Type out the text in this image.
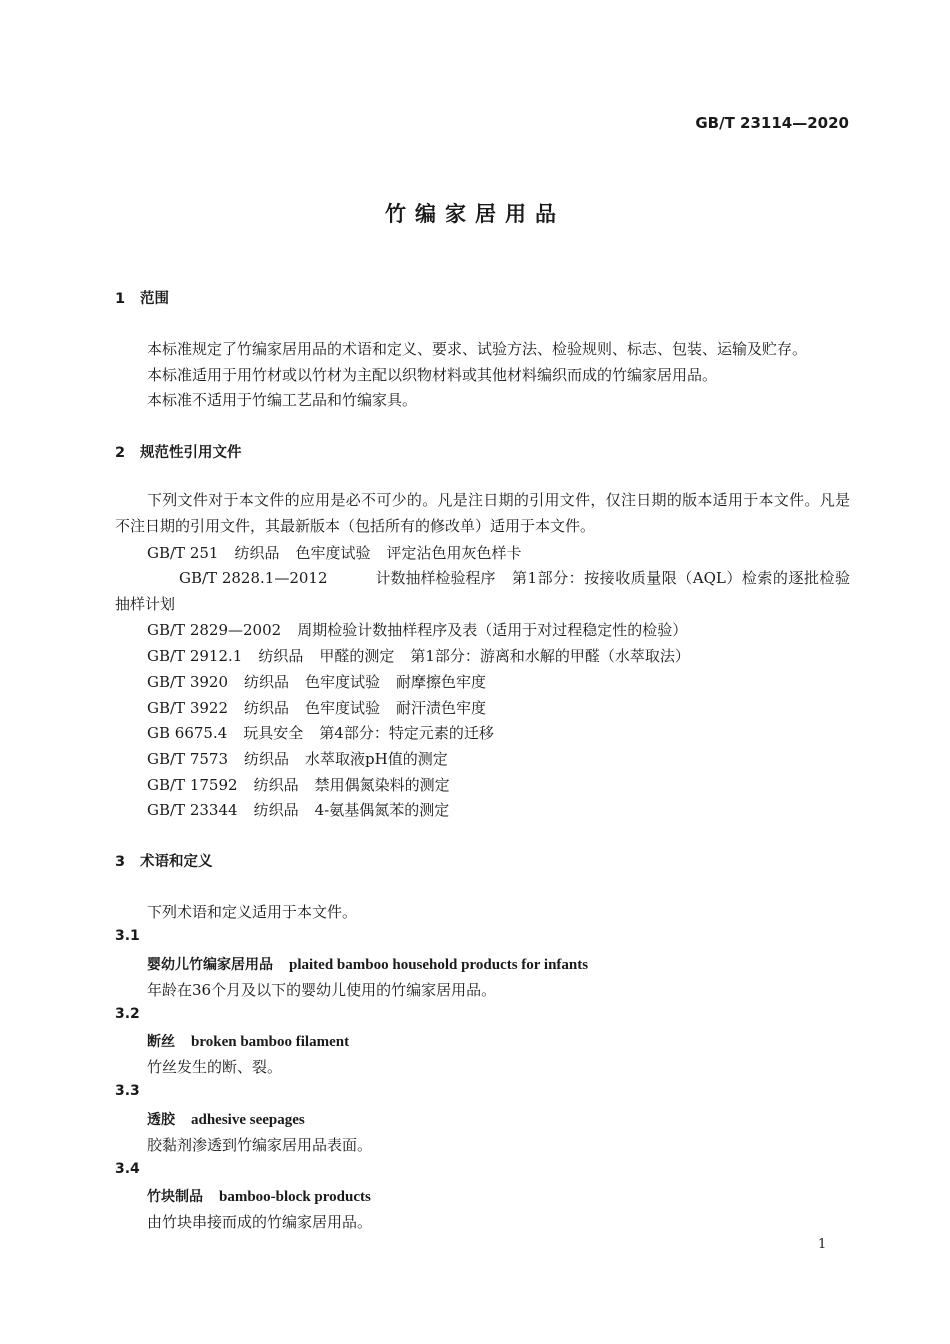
GB/T 23114—2020
竹编家居用品
1 范围
本标准规定了竹编家居用品的术语和定义、要求、试验方法、检验规则、标志、包装、运输及贮存。
本标准适用于用竹材或以竹材为主配以织物材料或其他材料编织而成的竹编家居用品。
本标准不适用于竹编工艺品和竹编家具。
2 规范性引用文件
下列文件对于本文件的应用是必不可少的。凡是注日期的引用文件，仅注日期的版本适用于本文件。凡是不注日期的引用文件，其最新版本（包括所有的修改单）适用于本文件。
GB/T 251 纺织品 色牢度试验 评定沾色用灰色样卡
GB/T 2828.1—2012	计数抽样检验程序 第1部分：按接收质量限（AQL）检索的逐批检验抽样计划
GB/T 2829—2002 周期检验计数抽样程序及表（适用于对过程稳定性的检验）
GB/T 2912.1 纺织品 甲醛的测定 第1部分：游离和水解的甲醛（水萃取法）
GB/T 3920 纺织品 色牢度试验 耐摩擦色牢度
GB/T 3922 纺织品 色牢度试验 耐汗渍色牢度
GB 6675.4 玩具安全 第4部分：特定元素的迁移
GB/T 7573 纺织品 水萃取液pH值的测定
GB/T 17592 纺织品 禁用偶氮染料的测定
GB/T 23344 纺织品 4-氨基偶氮苯的测定
3 术语和定义
下列术语和定义适用于本文件。
3.1
婴幼儿竹编家居用品 plaited bamboo household products for infants
年龄在36个月及以下的婴幼儿使用的竹编家居用品。
3.2
断丝 broken bamboo filament
竹丝发生的断、裂。
3.3
透胶 adhesive seepages
胶黏剂渗透到竹编家居用品表面。
3.4
竹块制品 bamboo-block products
由竹块串接而成的竹编家居用品。
1
